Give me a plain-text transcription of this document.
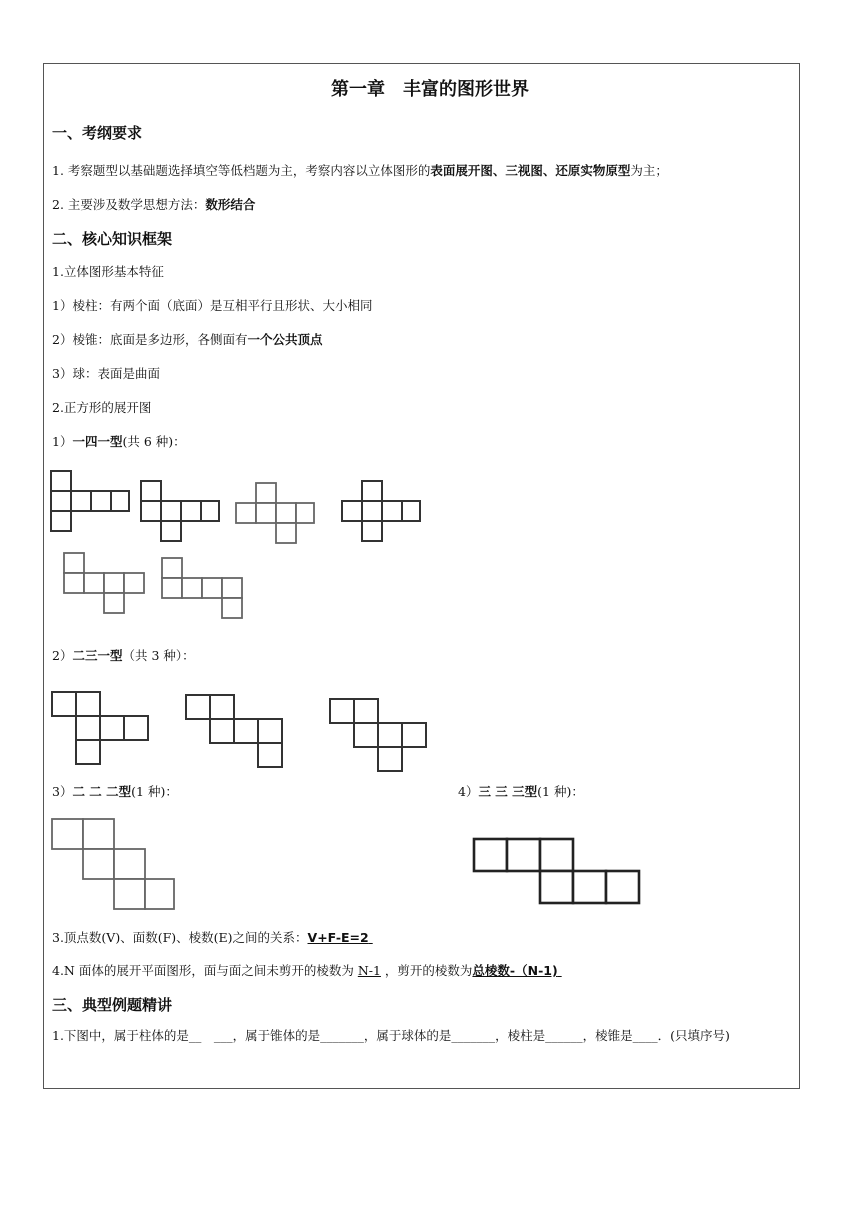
第一章　丰富的图形世界
一、考纲要求
1. 考察题型以基础题选择填空等低档题为主，考察内容以立体图形的表面展开图、三视图、还原实物原型为主；
2. 主要涉及数学思想方法：数形结合
二、核心知识框架
1.立体图形基本特征
1）棱柱：有两个面（底面）是互相平行且形状、大小相同
2）棱锥：底面是多边形，各侧面有一个公共顶点
3）球：表面是曲面
2.正方形的展开图
1）一四一型(共 6 种)：
2）二三一型（共 3 种）：
3）二 二 二型(1 种)：	4）三 三 三型(1 种)：
3.顶点数(V)、面数(F)、棱数(E)之间的关系：V+F-E=2
4.N 面体的展开平面图形，面与面之间未剪开的棱数为 N-1 ，剪开的棱数为总棱数-（N-1)
三、典型例题精讲
1.下图中，属于柱体的是__　___，属于锥体的是_______，属于球体的是_______，棱柱是______，棱锥是____．(只填序号)
